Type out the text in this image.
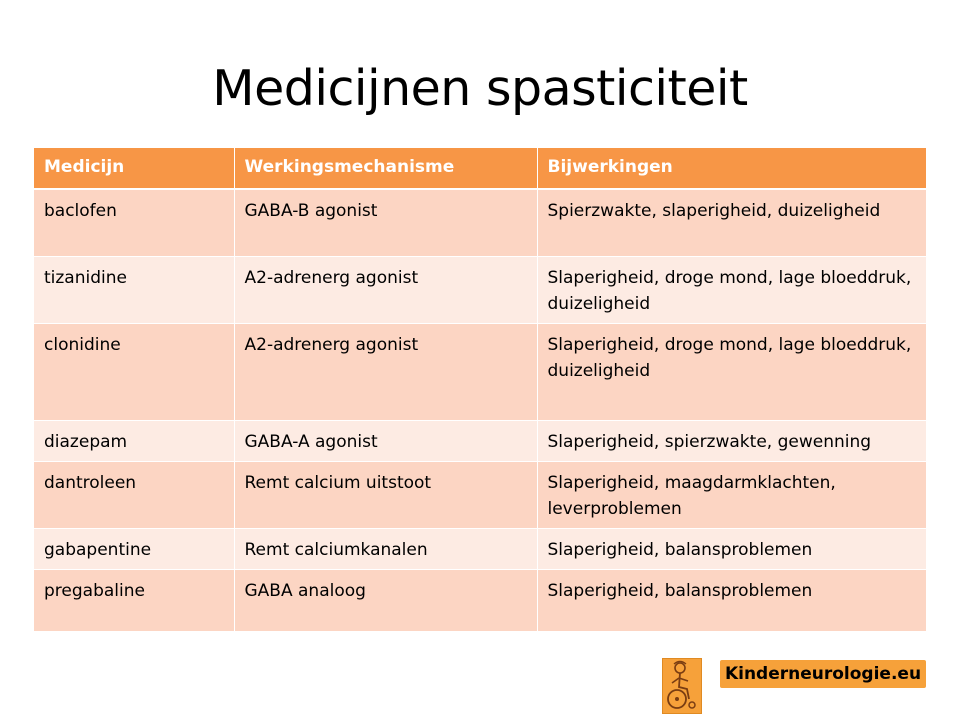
Medicijnen spasticiteit
Medicijn	Werkingsmechanisme	Bijwerkingen
baclofen	GABA-B agonist	Spierzwakte, slaperigheid, duizeligheid
tizanidine	A2-adrenerg agonist	Slaperigheid, droge mond, lage bloeddruk, duizeligheid
clonidine	A2-adrenerg agonist	Slaperigheid, droge mond, lage bloeddruk, duizeligheid
diazepam	GABA-A agonist	Slaperigheid, spierzwakte, gewenning
dantroleen	Remt calcium uitstoot	Slaperigheid, maagdarmklachten, leverproblemen
gabapentine	Remt calciumkanalen	Slaperigheid, balansproblemen
pregabaline	GABA analoog	Slaperigheid, balansproblemen
Kinderneurologie.eu
